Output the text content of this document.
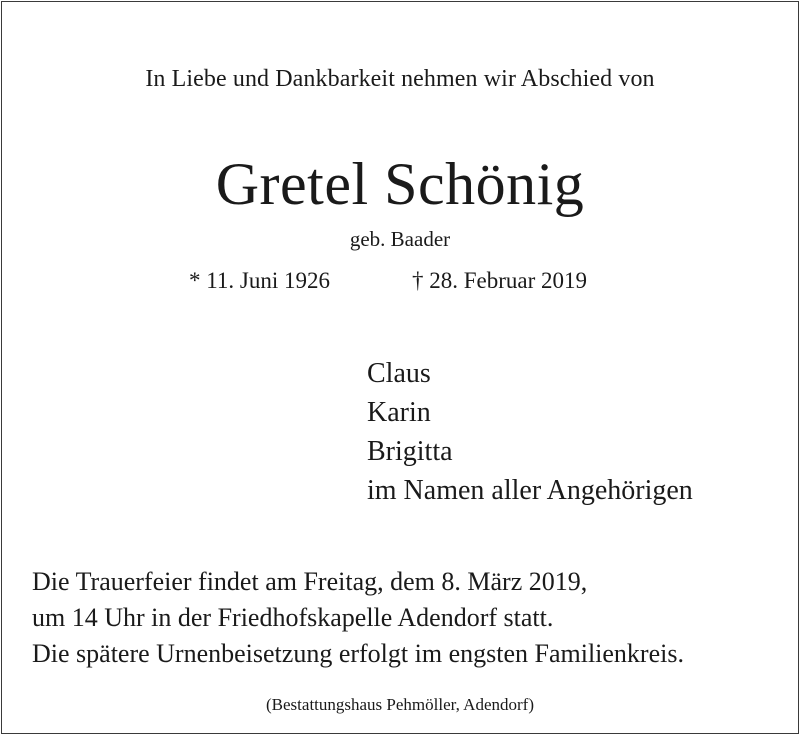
In Liebe und Dankbarkeit nehmen wir Abschied von
Gretel Schönig
geb. Baader
* 11. Juni 1926	† 28. Februar 2019
Claus
Karin
Brigitta
im Namen aller Angehörigen
Die Trauerfeier findet am Freitag, dem 8. März 2019,
um 14 Uhr in der Friedhofskapelle Adendorf statt.
Die spätere Urnenbeisetzung erfolgt im engsten Familienkreis.
(Bestattungshaus Pehmöller, Adendorf)
